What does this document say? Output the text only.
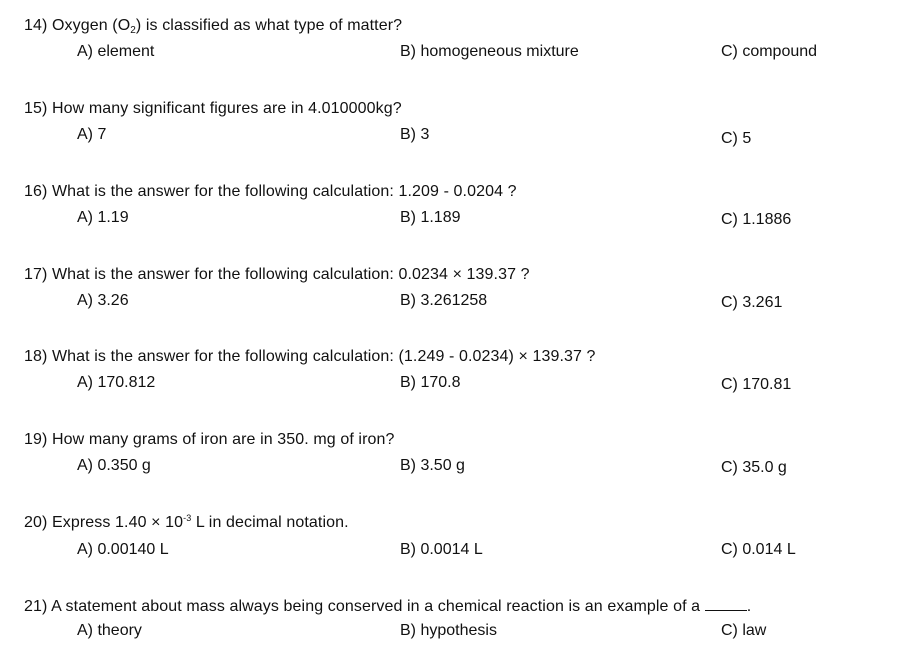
14) Oxygen $(O_2)$ is classified as what type of matter?
A) element	B) homogeneous mixture	C) compound
15) How many significant figures are in 4.010000kg?
A) 7	B) 3	C) 5
16) What is the answer for the following calculation: 1.209 - 0.0204 ?
A) 1.19	B) 1.189	C) 1.1886
17) What is the answer for the following calculation: 0.0234 × 139.37 ?
A) 3.26	B) 3.261258	C) 3.261
18) What is the answer for the following calculation: (1.249 - 0.0234) × 139.37 ?
A) 170.812	B) 170.8	C) 170.81
19) How many grams of iron are in 350. mg of iron?
A) 0.350 g	B) 3.50 g	C) 35.0 g
20) Express $1.40 \times 10^{-3}$ L in decimal notation.
A) 0.00140 L	B) 0.0014 L	C) 0.014 L
21) A statement about mass always being conserved in a chemical reaction is an example of a	.
A) theory	B) hypothesis	C) law
